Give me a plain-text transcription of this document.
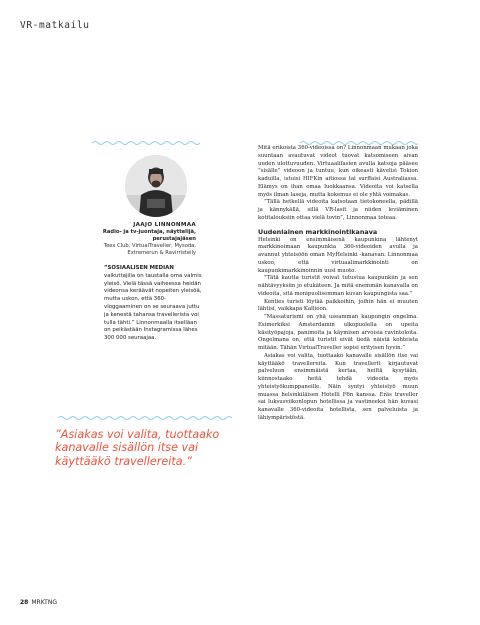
VR-matkailu
JAAJO LINNONMAA
Radio- ja tv-juontaja, näyttelijä, perustajajäsen
Teex Club, VirtualTraveller, Mysoda, Extremerun & Ravirristeily

”SOSIAALISEN MEDIAN vaikuttajilla on taustalla oma valmis yleisö. Vielä tässä vaiheessa heidän videonsa keräävät nopeiten yleisöä, mutta uskon, että 360-vloggaaminen on se seuraava juttu ja kenestä tahansa travellerista voi tulla tähti.” Linnonmaalla itselläan on peikästään Instagramissa lähes 300 000 seuraajaa.

”Asiakas voi valita, tuottaako kanavalle sisällön itse vai käyttääkö travellereita.”

Mitä erikoista 360-videoissa on? Linnonmaan mukaan joka suuntaan avautuvat videot tuovat katsomiseen aivan uuden ulottuvuuden. Virtuaalifasien avulla katsoja pääsee ”sisälle” videoon ja tuntuu, kun oikeasti kävelisi Tokion kaduilla, istuisi HIFKin aitiossa tai surffaisi Australiassa. Elämys on ihan omaa luokkaansa. Videoita voi katsella myös ilman laseja, mutta kokemus ei ole yhtä voimakas.

”Tällä hetkellä videoita katsotaan tietokoneella, pädillä ja kännykällä, sillä VR-lasit ja niiden leviäminen kotitalouksiin ottaa vielä tovin”, Linnonmaa toteaa.

Uudenlainen markkinointikanava

Helsinki on ensimmäisenä kaupunkina lähtenyt markkinoimaan kaupunkia 360-videoiden avulla ja avannut yhteisöön oman MyHelsinki -kanavan. Linnonmaa uskoo, että virtuaalimarkkinointi on kaupunkimarkkinoinnin uusi muoto.

”Tätä kautta turistit voivat tutustua kaupunkiin ja sen nähtävyyksiin jo etukäteen. Ja mitä enemmän kanavalla on videoita, sitä monipuolisemman kuvan kaupungista saa.”

Kenties turisti löytää paikkoihin, joihin hän ei muuten lähtisi, vaikkapa Kallioon.

”Massaturismi on yhä useamman kaupungin ongelma. Esimerkiksi Amsterdamin ulkopuolella on upeita käsityöpajoja, panimoita ja käymisen arvoisia ravintoloita. Ongelmana on, että turistit eivät tiedä näistä kohteista mitään. Tähän VirtualTraveller sopisi erityisen hyvin.”

Asiakas voi valita, tuottaako kanavalle sisällön itse vai käyttääkö travellereita. Kun travellerit kirjautuvat palveluun ensimmäistä kertaa, heiltä kysytään, kiinnostaako heitä tehdä videoita myös yhteistyökumppaneille. Näin syntyi yhteistyö muun muassa helsinkiläisen Hotelli F6n kanssa. Eräs traveller sai luksusviikonlopun hotellissa ja vastineeksi hän kuvasi kanavalle 360-videoita hotellista, sen palveluista ja lähiympäristöstä.

28 MRKTNG
